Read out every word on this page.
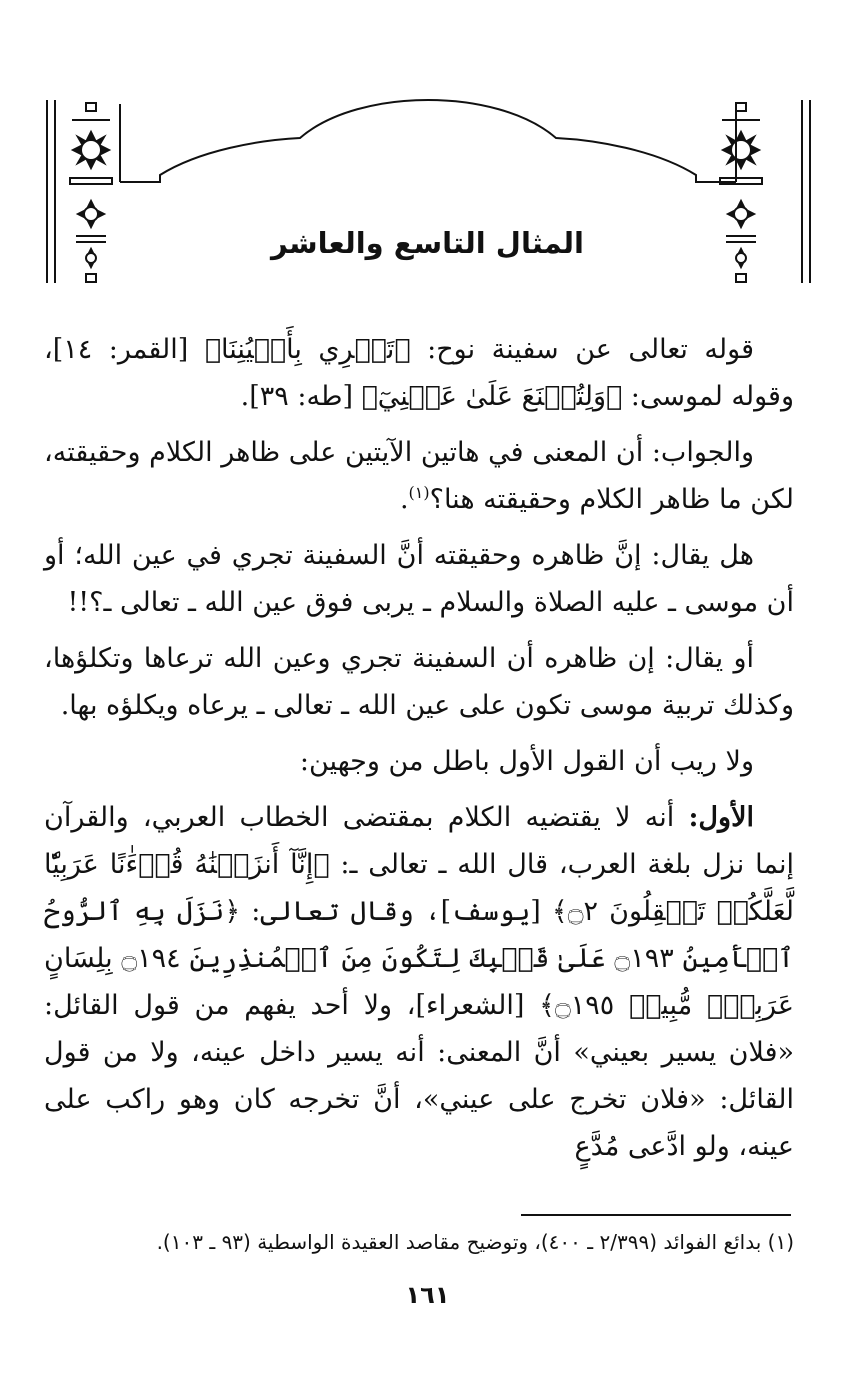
المثال التاسع والعاشر

قوله تعالى عن سفينة نوح: ﴿تَجۡرِي بِأَعۡيُنِنَا﴾ [القمر: ١٤]، وقوله لموسى: ﴿وَلِتُصۡنَعَ عَلَىٰ عَيۡنِيٓ﴾ [طه: ٣٩].

والجواب: أن المعنى في هاتين الآيتين على ظاهر الكلام وحقيقته، لكن ما ظاهر الكلام وحقيقته هنا؟$^{(١)}$.

هل يقال: إنَّ ظاهره وحقيقته أنَّ السفينة تجري في عين الله؛ أو أن موسى ـ عليه الصلاة والسلام ـ يربى فوق عين الله ـ تعالى ـ؟!!

أو يقال: إن ظاهره أن السفينة تجري وعين الله ترعاها وتكلؤها، وكذلك تربية موسى تكون على عين الله ـ تعالى ـ يرعاه ويكلؤه بها.

ولا ريب أن القول الأول باطل من وجهين:

الأول: أنه لا يقتضيه الكلام بمقتضى الخطاب العربي، والقرآن إنما نزل بلغة العرب، قال الله ـ تعالى ـ: ﴿إِنَّآ أَنزَلۡنَٰهُ قُرۡءَٰنًا عَرَبِيّٗا لَّعَلَّكُمۡ تَعۡقِلُونَ ۝٢﴾ [يوسف]، وقال تعالى: ﴿نَزَلَ بِهِ ٱلرُّوحُ ٱلۡأَمِينُ ۝١٩٣ عَلَىٰ قَلۡبِكَ لِتَكُونَ مِنَ ٱلۡمُنذِرِينَ ۝١٩٤ بِلِسَانٍ عَرَبِيّٖ مُّبِينٖ ۝١٩٥﴾ [الشعراء]، ولا أحد يفهم من قول القائل: «فلان يسير بعيني» أنَّ المعنى: أنه يسير داخل عينه، ولا من قول القائل: «فلان تخرج على عيني»، أنَّ تخرجه كان وهو راكب على عينه، ولو ادَّعى مُدَّعٍ

(١) بدائع الفوائد (٢/٣٩٩ ـ ٤٠٠)، وتوضيح مقاصد العقيدة الواسطية (٩٣ ـ ١٠٣).
١٦١
